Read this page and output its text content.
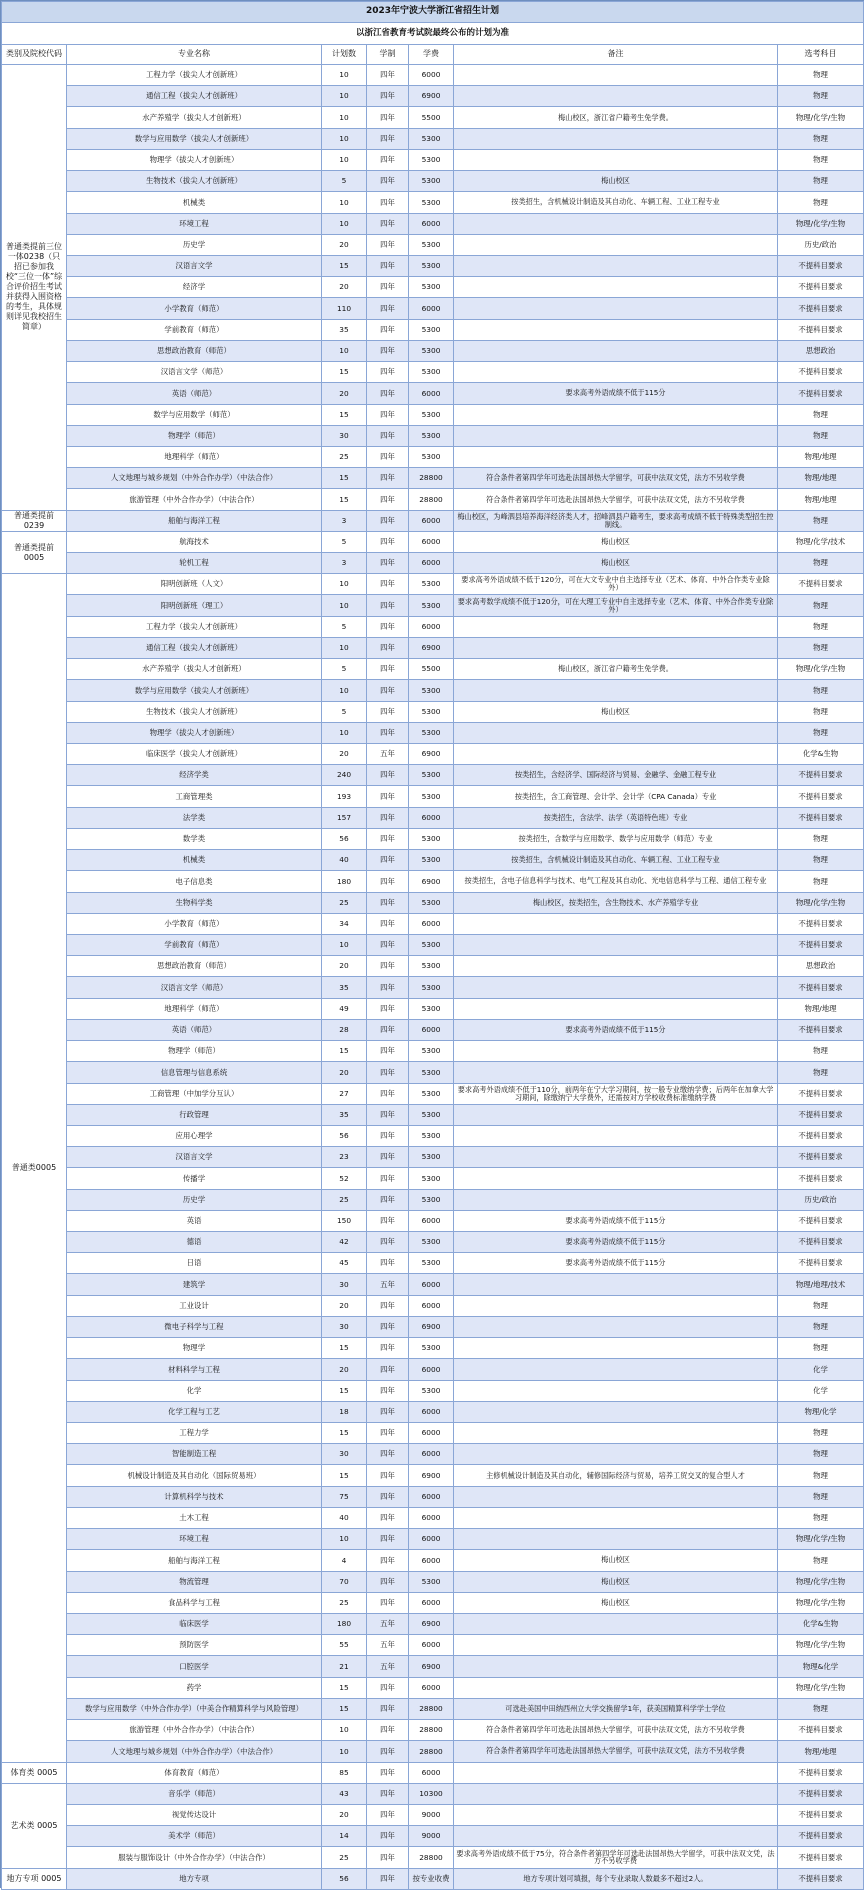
2023年宁波大学浙江省招生计划						
以浙江省教育考试院最终公布的计划为准						
类别及院校代码	专业名称	计划数	学制	学费	备注	选考科目
普通类提前三位一体0238（只招已参加我校“三位一体”综合评价招生考试并获得入围资格的考生，具体规则详见我校招生简章）	工程力学（拔尖人才创新班）	10	四年	6000		物理
	通信工程（拔尖人才创新班）	10	四年	6900		物理
	水产养殖学（拔尖人才创新班）	10	四年	5500	梅山校区，浙江省户籍考生免学费。	物理/化学/生物
	数学与应用数学（拔尖人才创新班）	10	四年	5300		物理
	物理学（拔尖人才创新班）	10	四年	5300		物理
	生物技术（拔尖人才创新班）	5	四年	5300	梅山校区	物理
	机械类	10	四年	5300	按类招生，含机械设计制造及其自动化、车辆工程、工业工程专业	物理
	环境工程	10	四年	6000		物理/化学/生物
	历史学	20	四年	5300		历史/政治
	汉语言文学	15	四年	5300		不提科目要求
	经济学	20	四年	5300		不提科目要求
	小学教育（师范）	110	四年	6000		不提科目要求
	学前教育（师范）	35	四年	5300		不提科目要求
	思想政治教育（师范）	10	四年	5300		思想政治
	汉语言文学（师范）	15	四年	5300		不提科目要求
	英语（师范）	20	四年	6000	要求高考外语成绩不低于115分	不提科目要求
	数学与应用数学（师范）	15	四年	5300		物理
	物理学（师范）	30	四年	5300		物理
	地理科学（师范）	25	四年	5300		物理/地理
	人文地理与城乡规划（中外合作办学）（中法合作）	15	四年	28800	符合条件者第四学年可选赴法国昂热大学留学，可获中法双文凭，法方不另收学费	物理/地理
	旅游管理（中外合作办学）（中法合作）	15	四年	28800	符合条件者第四学年可选赴法国昂热大学留学，可获中法双文凭，法方不另收学费	物理/地理
普通类提前0239	船舶与海洋工程	3	四年	6000	梅山校区，为峰泗县培养海洋经济类人才，招峰泗县户籍考生，要求高考成绩不低于特殊类型招生控制线。	物理
普通类提前0005	航海技术	5	四年	6000	梅山校区	物理/化学/技术
	轮机工程	3	四年	6000	梅山校区	物理
普通类0005	阳明创新班（人文）	10	四年	5300	要求高考外语成绩不低于120分，可在大文专业中自主选择专业（艺术、体育、中外合作类专业除外）	不提科目要求
	阳明创新班（理工）	10	四年	5300	要求高考数学成绩不低于120分，可在大理工专业中自主选择专业（艺术、体育、中外合作类专业除外）	物理
	工程力学（拔尖人才创新班）	5	四年	6000		物理
	通信工程（拔尖人才创新班）	10	四年	6900		物理
	水产养殖学（拔尖人才创新班）	5	四年	5500	梅山校区，浙江省户籍考生免学费。	物理/化学/生物
	数学与应用数学（拔尖人才创新班）	10	四年	5300		物理
	生物技术（拔尖人才创新班）	5	四年	5300	梅山校区	物理
	物理学（拔尖人才创新班）	10	四年	5300		物理
	临床医学（拔尖人才创新班）	20	五年	6900		化学&生物
	经济学类	240	四年	5300	按类招生，含经济学、国际经济与贸易、金融学、金融工程专业	不提科目要求
	工商管理类	193	四年	5300	按类招生，含工商管理、会计学、会计学（CPA Canada）专业	不提科目要求
	法学类	157	四年	6000	按类招生，含法学、法学（英语特色班）专业	不提科目要求
	数学类	56	四年	5300	按类招生，含数学与应用数学、数学与应用数学（师范）专业	物理
	机械类	40	四年	5300	按类招生，含机械设计制造及其自动化、车辆工程、工业工程专业	物理
	电子信息类	180	四年	6900	按类招生，含电子信息科学与技术、电气工程及其自动化、光电信息科学与工程、通信工程专业	物理
	生物科学类	25	四年	5300	梅山校区，按类招生，含生物技术、水产养殖学专业	物理/化学/生物
	小学教育（师范）	34	四年	6000		不提科目要求
	学前教育（师范）	10	四年	5300		不提科目要求
	思想政治教育（师范）	20	四年	5300		思想政治
	汉语言文学（师范）	35	四年	5300		不提科目要求
	地理科学（师范）	49	四年	5300		物理/地理
	英语（师范）	28	四年	6000	要求高考外语成绩不低于115分	不提科目要求
	物理学（师范）	15	四年	5300		物理
	信息管理与信息系统	20	四年	5300		物理
	工商管理（中加学分互认）	27	四年	5300	要求高考外语成绩不低于110分，前两年在宁大学习期间，按一般专业缴纳学费；后两年在加拿大学习期间，除缴纳宁大学费外，还需按对方学校收费标准缴纳学费	不提科目要求
	行政管理	35	四年	5300		不提科目要求
	应用心理学	56	四年	5300		不提科目要求
	汉语言文学	23	四年	5300		不提科目要求
	传播学	52	四年	5300		不提科目要求
	历史学	25	四年	5300		历史/政治
	英语	150	四年	6000	要求高考外语成绩不低于115分	不提科目要求
	德语	42	四年	5300	要求高考外语成绩不低于115分	不提科目要求
	日语	45	四年	5300	要求高考外语成绩不低于115分	不提科目要求
	建筑学	30	五年	6000		物理/地理/技术
	工业设计	20	四年	6000		物理
	微电子科学与工程	30	四年	6900		物理
	物理学	15	四年	5300		物理
	材料科学与工程	20	四年	6000		化学
	化学	15	四年	5300		化学
	化学工程与工艺	18	四年	6000		物理/化学
	工程力学	15	四年	6000		物理
	智能制造工程	30	四年	6000		物理
	机械设计制造及其自动化（国际贸易班）	15	四年	6900	主修机械设计制造及其自动化，辅修国际经济与贸易，培养工贸交叉的复合型人才	物理
	计算机科学与技术	75	四年	6000		物理
	土木工程	40	四年	6000		物理
	环境工程	10	四年	6000		物理/化学/生物
	船舶与海洋工程	4	四年	6000	梅山校区	物理
	物流管理	70	四年	5300	梅山校区	物理/化学/生物
	食品科学与工程	25	四年	6000	梅山校区	物理/化学/生物
	临床医学	180	五年	6900		化学&生物
	预防医学	55	五年	6000		物理/化学/生物
	口腔医学	21	五年	6900		物理&化学
	药学	15	四年	6000		物理/化学/生物
	数学与应用数学（中外合作办学）（中美合作精算科学与风险管理）	15	四年	28800	可选赴美国中田纳西州立大学交换留学1年，获美国精算科学学士学位	物理
	旅游管理（中外合作办学）（中法合作）	10	四年	28800	符合条件者第四学年可选赴法国昂热大学留学，可获中法双文凭，法方不另收学费	不提科目要求
	人文地理与城乡规划（中外合作办学）（中法合作）	10	四年	28800	符合条件者第四学年可选赴法国昂热大学留学，可获中法双文凭，法方不另收学费	物理/地理
体育类 0005	体育教育（师范）	85	四年	6000		不提科目要求
艺术类 0005	音乐学（师范）	43	四年	10300		不提科目要求
	视觉传达设计	20	四年	9000		不提科目要求
	美术学（师范）	14	四年	9000		不提科目要求
	服装与服饰设计（中外合作办学）（中法合作）	25	四年	28800	要求高考外语成绩不低于75分，符合条件者第四学年可选赴法国昂热大学留学，可获中法双文凭，法方不另收学费	不提科目要求
地方专项 0005	地方专项	56	四年	按专业收费	地方专项计划可填报，每个专业录取人数最多不超过2人。	不提科目要求
